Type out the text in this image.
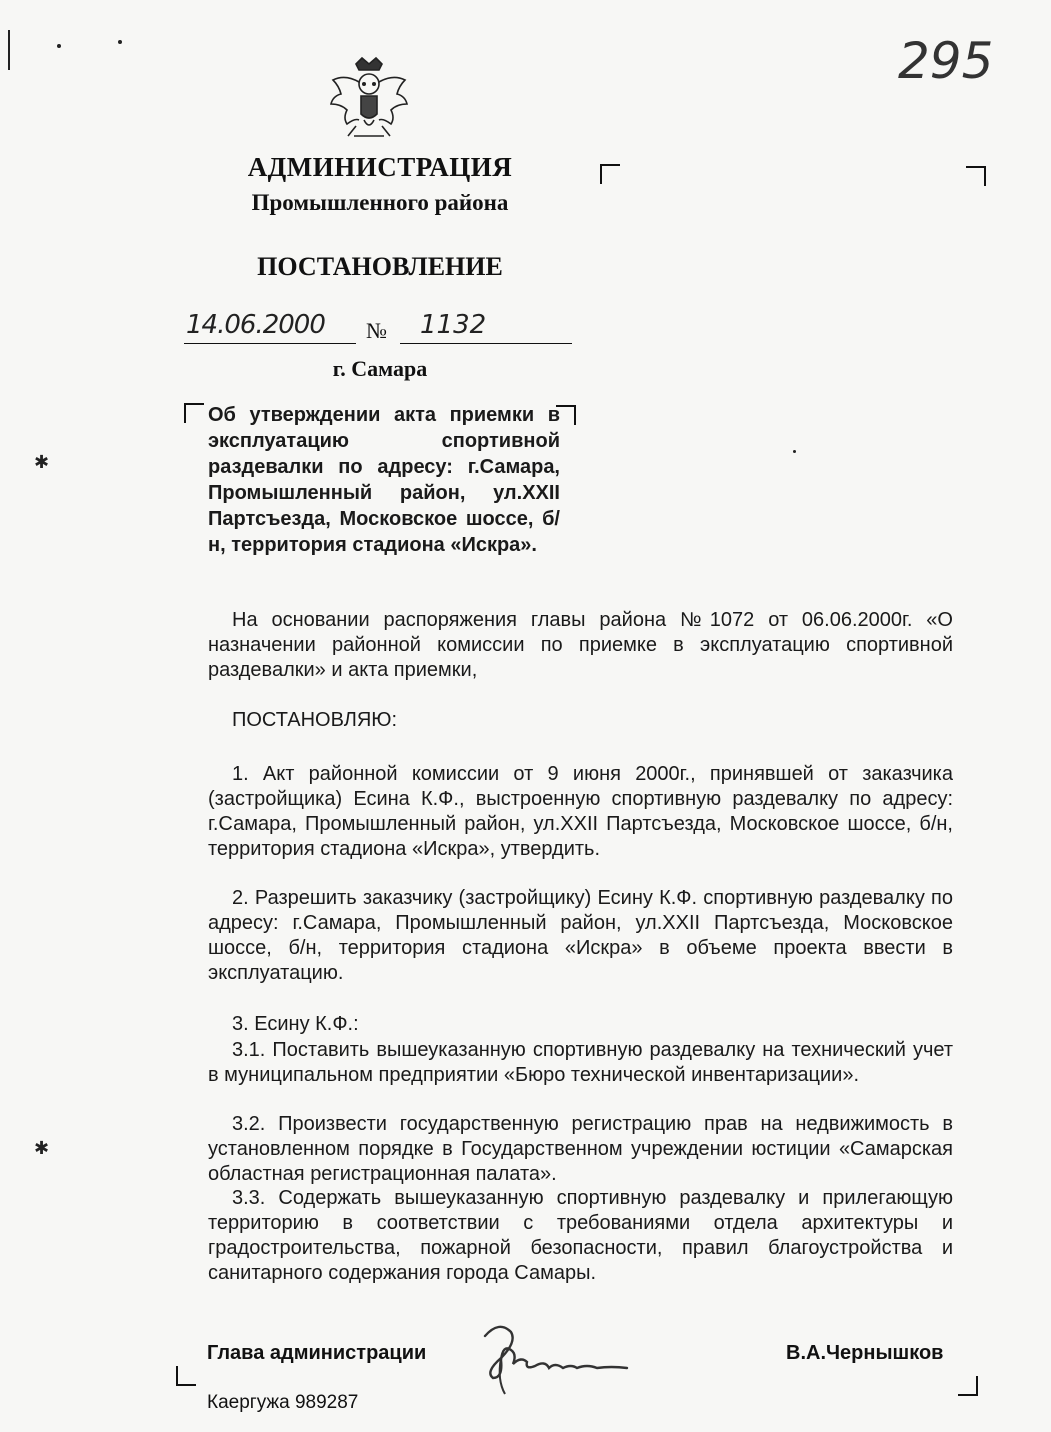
✱
✱
295
АДМИНИСТРАЦИЯ
Промышленного района
ПОСТАНОВЛЕНИЕ
14.06.2000 № 1132
г. Самара
Об утверждении акта приемки в эксплуатацию спортивной раздевалки по адресу: г.Самара, Промышленный район, ул.XXII Партсъезда, Московское шоссе, б/н, территория стадиона «Искра».
На основании распоряжения главы района №1072 от 06.06.2000г. «О назначении районной комиссии по приемке в эксплуатацию спортивной раздевалки» и акта приемки,
ПОСТАНОВЛЯЮ:
1. Акт районной комиссии от 9 июня 2000г., принявшей от заказчика (застройщика) Есина К.Ф., выстроенную спортивную раздевалку по адресу: г.Самара, Промышленный район, ул.XXII Партсъезда, Московское шоссе, б/н, территория стадиона «Искра», утвердить.
2. Разрешить заказчику (застройщику) Есину К.Ф. спортивную раздевалку по адресу: г.Самара, Промышленный район, ул.XXII Партсъезда, Московское шоссе, б/н, территория стадиона «Искра» в объеме проекта ввести в эксплуатацию.
3. Есину К.Ф.:
3.1. Поставить вышеуказанную спортивную раздевалку на технический учет в муниципальном предприятии «Бюро технической инвентаризации».
3.2. Произвести государственную регистрацию прав на недвижимость в установленном порядке в Государственном учреждении юстиции «Самарская областная регистрационная палата».
3.3. Содержать вышеуказанную спортивную раздевалку и прилегающую территорию в соответствии с требованиями отдела архитектуры и градостроительства, пожарной безопасности, правил благоустройства и санитарного содержания города Самары.
Глава администрации	В.А.Чернышков
Каергужа 989287
